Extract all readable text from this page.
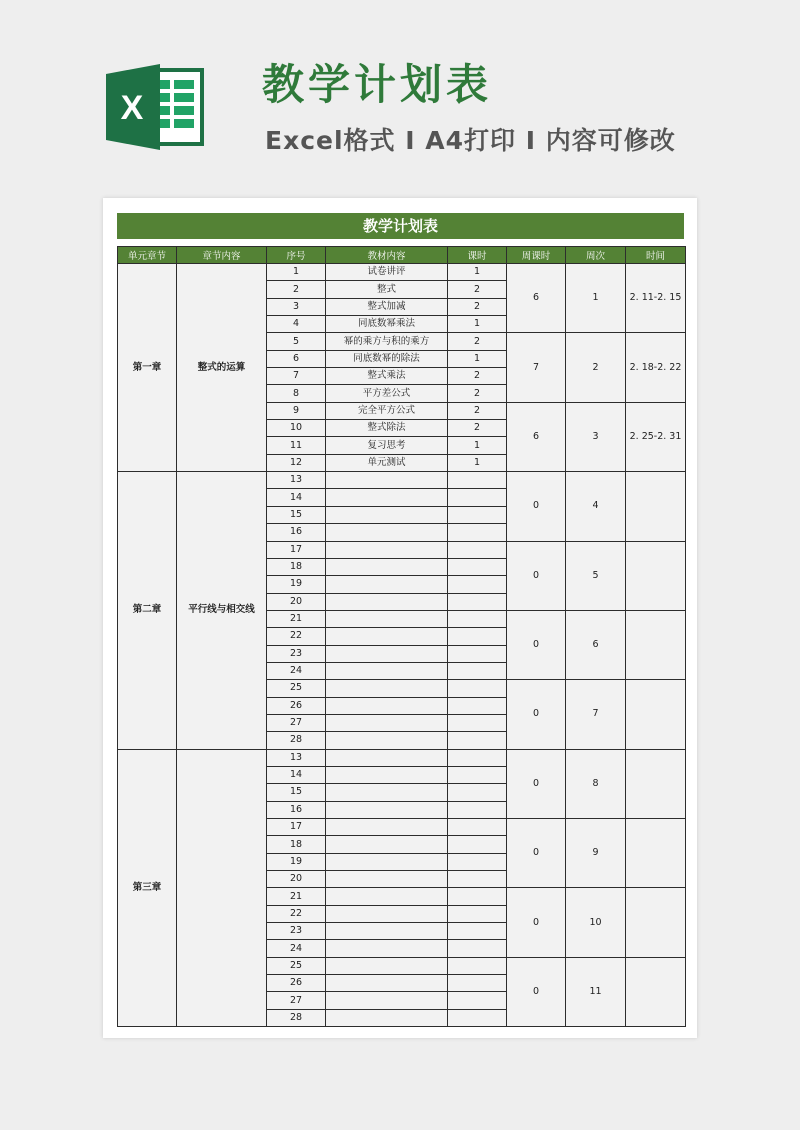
X	教学计划表
Excel格式 I A4打印 I 内容可修改
教学计划表
单元章节	章节内容	序号	教材内容	课时	周课时	周次	时间
第一章	整式的运算	1	试卷讲评	1	6	1	2. 11-2. 15
		2	整式	2			
		3	整式加减	2			
		4	同底数幂乘法	1			
		5	幂的乘方与积的乘方	2	7	2	2. 18-2. 22
		6	同底数幂的除法	1			
		7	整式乘法	2			
		8	平方差公式	2			
		9	完全平方公式	2	6	3	2. 25-2. 31
		10	整式除法	2			
		11	复习思考	1			
		12	单元测试	1			
第二章	平行线与相交线	13			0	4	
		14					
		15					
		16					
		17			0	5	
		18					
		19					
		20					
		21			0	6	
		22					
		23					
		24					
		25			0	7	
		26					
		27					
		28					
第三章		13			0	8	
		14					
		15					
		16					
		17			0	9	
		18					
		19					
		20					
		21			0	10	
		22					
		23					
		24					
		25			0	11	
		26					
		27					
		28					
